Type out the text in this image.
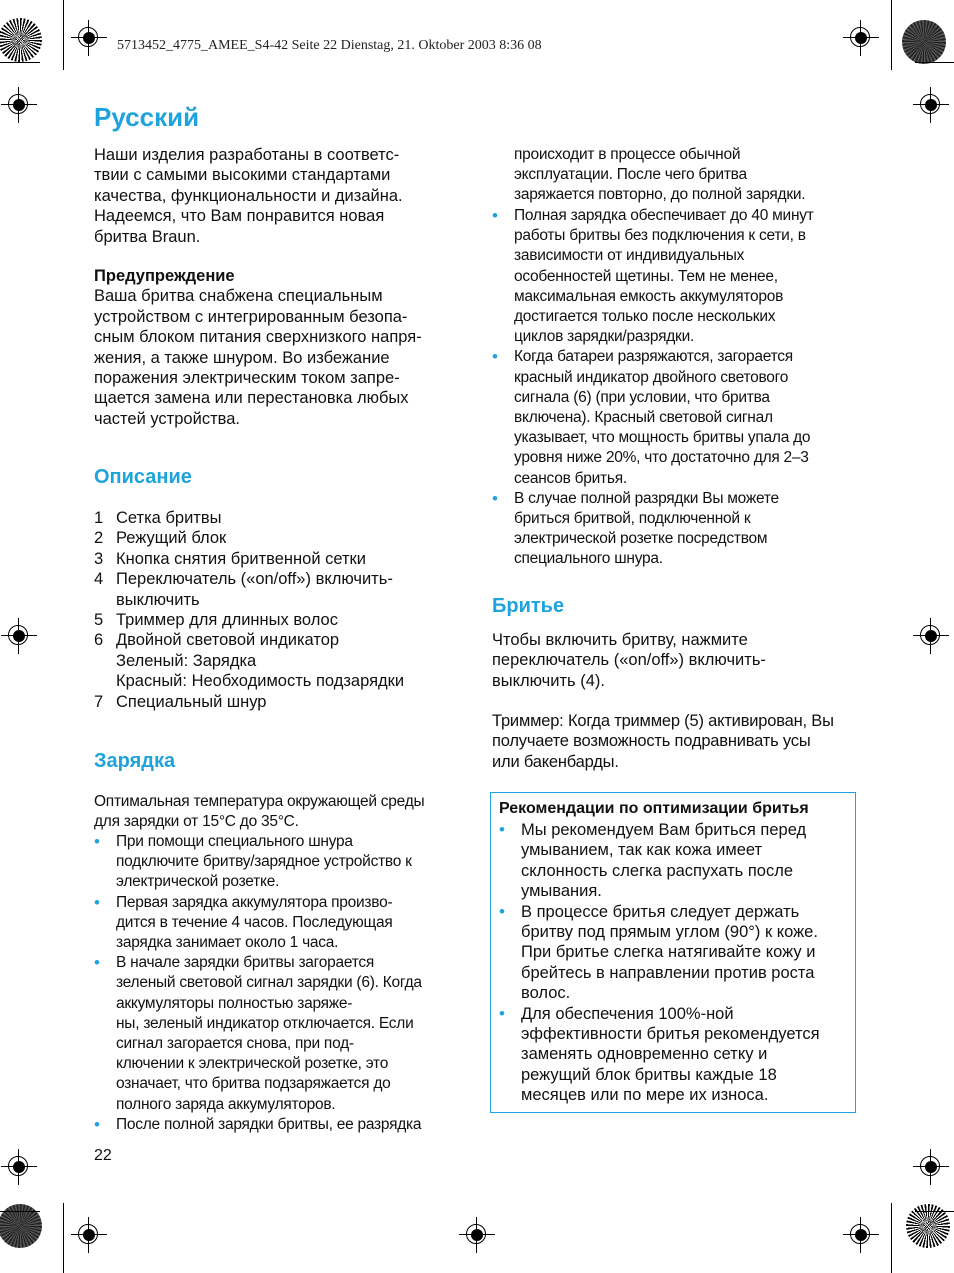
5713452_4775_AMEE_S4-42 Seite 22 Dienstag, 21. Oktober 2003 8:36 08
Русский
Наши изделия разработаны в соответс-
твии с самыми высокими стандартами
качества, функциональности и дизайна.
Надеемся, что Вам понравится новая
бритва Braun.
Предупреждение
Ваша бритва снабжена специальным
устройством с интегрированным безопа-
сным блоком питания сверхнизкого напря-
жения, а также шнуром. Во избежание
поражения электрическим током запре-
щается замена или перестановка любых
частей устройства.
Описание
1 Сетка бритвы
2 Режущий блок
3 Кнопка снятия бритвенной сетки
4 Переключатель («on/off») включить-
выключить
5 Триммер для длинных волос
6 Двойной световой индикатор
Зеленый: Зарядка
Красный: Необходимость подзарядки
7 Специальный шнур
Зарядка
Оптимальная температура окружающей среды
для зарядки от 15°C до 35°C.
• При помощи специального шнура
подключите бритву/зарядное устройство к
электрической розетке.
• Первая зарядка аккумулятора произво-
дится в течение 4 часов. Последующая
зарядка занимает около 1 часа.
• В начале зарядки бритвы загорается
зеленый световой сигнал зарядки (6). Когда
аккумуляторы полностью заряже-
ны, зеленый индикатор отключается. Если
сигнал загорается снова, при под-
ключении к электрической розетке, это
означает, что бритва подзаряжается до
полного заряда аккумуляторов.
• После полной зарядки бритвы, ее разрядка
22
происходит в процессе обычной
эксплуатации. После чего бритва
заряжается повторно, до полной зарядки.
• Полная зарядка обеспечивает до 40 минут
работы бритвы без подключения к сети, в
зависимости от индивидуальных
особенностей щетины. Тем не менее,
максимальная емкость аккумуляторов
достигается только после нескольких
циклов зарядки/разрядки.
• Когда батареи разряжаются, загорается
красный индикатор двойного светового
сигнала (6) (при условии, что бритва
включена). Красный световой сигнал
указывает, что мощность бритвы упала до
уровня ниже 20%, что достаточно для 2–3
сеансов бритья.
• В случае полной разрядки Вы можете
бриться бритвой, подключенной к
электрической розетке посредством
специального шнура.
Бритье
Чтобы включить бритву, нажмите
переключатель («on/off») включить-
выключить (4).
Триммер: Когда триммер (5) активирован, Вы
получаете возможность подравнивать усы
или бакенбарды.
Рекомендации по оптимизации бритья
• Мы рекомендуем Вам бриться перед
умыванием, так как кожа имеет
склонность слегка распухать после
умывания.
• В процессе бритья следует держать
бритву под прямым углом (90°) к коже.
При бритье слегка натягивайте кожу и
брейтесь в направлении против роста
волос.
• Для обеспечения 100%-ной
эффективности бритья рекомендуется
заменять одновременно сетку и
режущий блок бритвы каждые 18
месяцев или по мере их износа.
